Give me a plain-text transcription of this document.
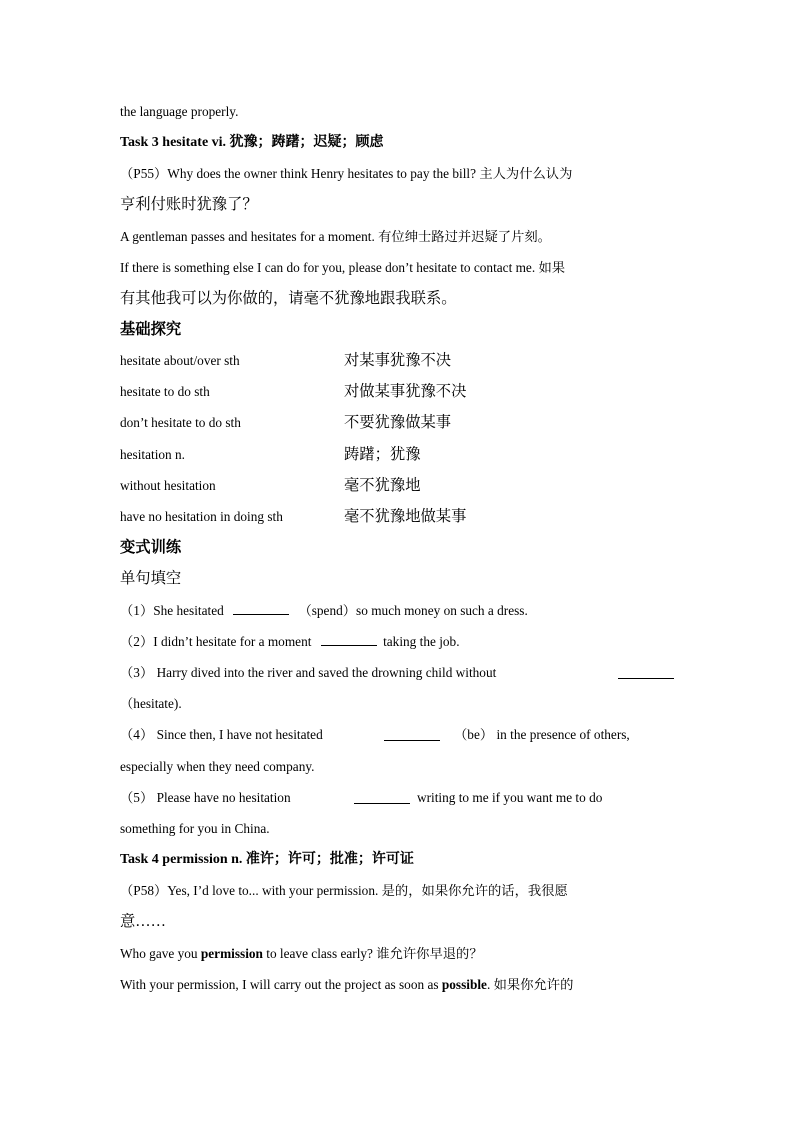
the language properly.
Task 3 hesitate vi. 犹豫；踌躇；迟疑；顾虑
（P55）Why does the owner think Henry hesitates to pay the bill? 主人为什么认为
亨利付账时犹豫了？
A gentleman passes and hesitates for a moment. 有位绅士路过并迟疑了片刻。
If there is something else I can do for you, please don’t hesitate to contact me. 如果
有其他我可以为你做的，请毫不犹豫地跟我联系。
基础探究
hesitate about/over sth	对某事犹豫不决
hesitate to do sth	对做某事犹豫不决
don’t hesitate to do sth	不要犹豫做某事
hesitation n.	踌躇；犹豫
without hesitation	毫不犹豫地
have no hesitation in doing sth	毫不犹豫地做某事
变式训练
单句填空
（1）She hesitated	（spend）so much money on such a dress.
（2）I didn’t hesitate for a moment	taking the job.
（3） Harry dived into the river and saved the drowning child without
（hesitate).
（4） Since then, I have not hesitated	（be） in the presence of others,
especially when they need company.
（5） Please have no hesitation	writing to me if you want me to do
something for you in China.
Task 4 permission n. 准许；许可；批准；许可证
（P58）Yes, I’d love to... with your permission. 是的，如果你允许的话，我很愿
意……
Who gave you permission to leave class early? 谁允许你早退的？
With your permission, I will carry out the project as soon as possible. 如果你允许的
